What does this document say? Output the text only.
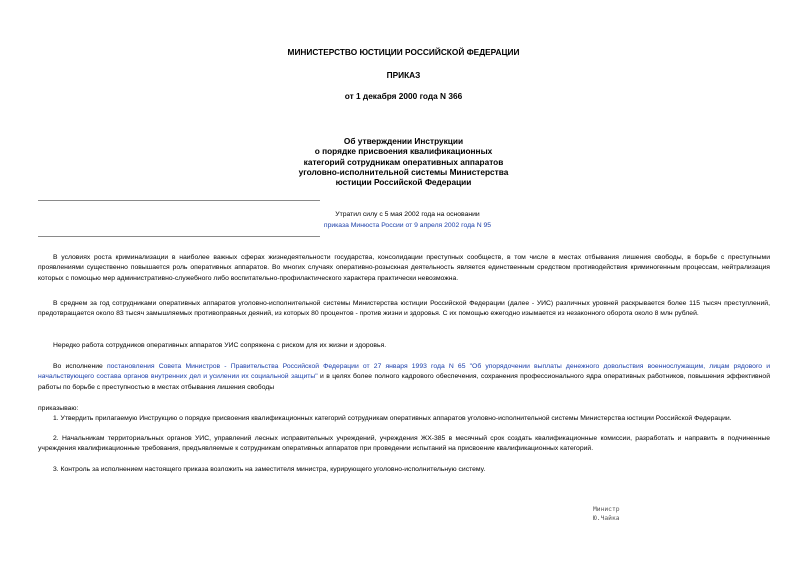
МИНИСТЕРСТВО ЮСТИЦИИ РОССИЙСКОЙ ФЕДЕРАЦИИ
ПРИКАЗ
от 1 декабря 2000 года N 366
Об утверждении Инструкции
о порядке присвоения квалификационных
категорий сотрудникам оперативных аппаратов
уголовно-исполнительной системы Министерства
юстиции Российской Федерации
Утратил силу с 5 мая 2002 года на основании
приказа Минюста России от 9 апреля 2002 года N 95

В условиях роста криминализации в наиболее важных сферах жизнедеятельности государства, консолидации преступных сообществ, в том числе в местах отбывания лишения свободы, в борьбе с преступными проявлениями существенно повышается роль оперативных аппаратов. Во многих случаях оперативно-розыскная деятельность является единственным средством противодействия криминогенным процессам, нейтрализация которых с помощью мер административно-служебного либо воспитательно-профилактического характера практически невозможна.

В среднем за год сотрудниками оперативных аппаратов уголовно-исполнительной системы Министерства юстиции Российской Федерации (далее - УИС) различных уровней раскрывается более 115 тысяч преступлений, предотвращается около 83 тысяч замышляемых противоправных деяний, из которых 80 процентов - против жизни и здоровья. С их помощью ежегодно изымается из незаконного оборота около 8 млн рублей.

Нередко работа сотрудников оперативных аппаратов УИС сопряжена с риском для их жизни и здоровья.

Во исполнение постановления Совета Министров - Правительства Российской Федерации от 27 января 1993 года N 65 "Об упорядочении выплаты денежного довольствия военнослужащим, лицам рядового и начальствующего состава органов внутренних дел и усилении их социальной защиты" и в целях более полного кадрового обеспечения, сохранения профессионального ядра оперативных работников, повышения эффективной работы по борьбе с преступностью в местах отбывания лишения свободы

приказываю:

1. Утвердить прилагаемую Инструкцию о порядке присвоения квалификационных категорий сотрудникам оперативных аппаратов уголовно-исполнительной системы Министерства юстиции Российской Федерации.

2. Начальникам территориальных органов УИС, управлений лесных исправительных учреждений, учреждения ЖХ-385 в месячный срок создать квалификационные комиссии, разработать и направить в подчиненные учреждения квалификационные требования, предъявляемые к сотрудникам оперативных аппаратов при проведении испытаний на присвоение квалификационных категорий.

3. Контроль за исполнением настоящего приказа возложить на заместителя министра, курирующего уголовно-исполнительную систему.

Министр
Ю.Чайка
